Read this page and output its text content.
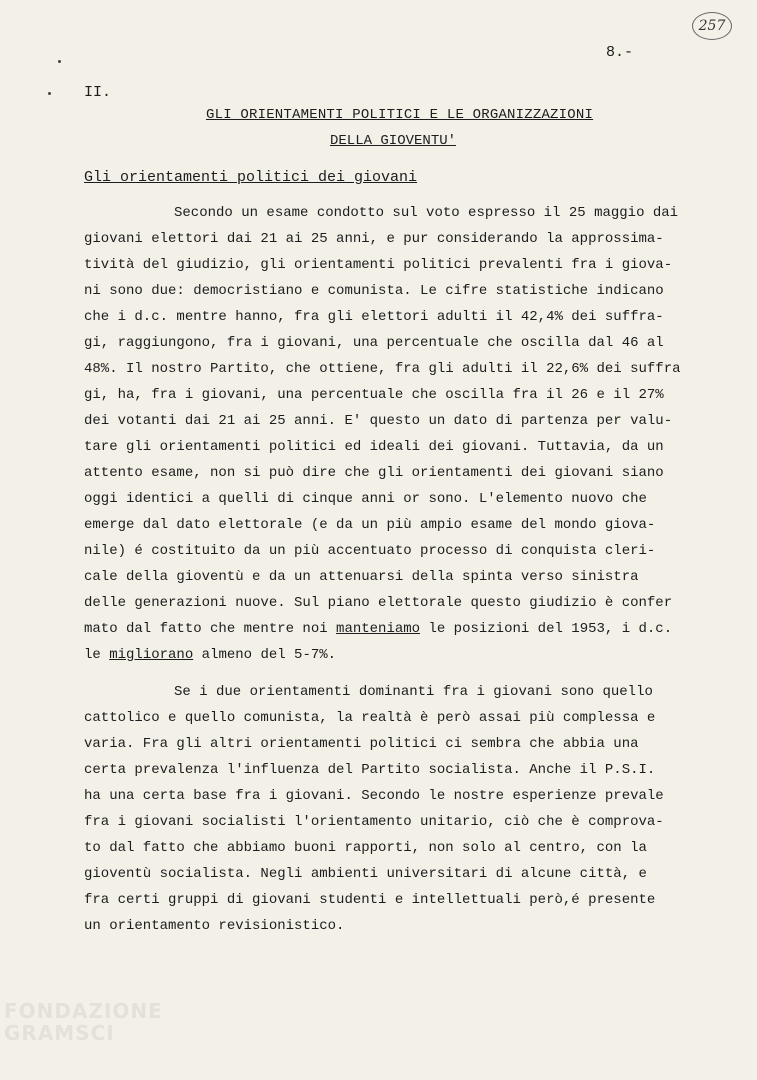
257
8.-
II.
GLI ORIENTAMENTI POLITICI E LE ORGANIZZAZIONI
DELLA GIOVENTU'
Gli orientamenti politici dei giovani
Secondo un esame condotto sul voto espresso il 25 maggio dai
giovani elettori dai 21 ai 25 anni, e pur considerando la approssima-
tività del giudizio, gli orientamenti politici prevalenti fra i giova-
ni sono due: democristiano e comunista. Le cifre statistiche indicano
che i d.c. mentre hanno, fra gli elettori adulti il 42,4% dei suffra-
gi, raggiungono, fra i giovani, una percentuale che oscilla dal 46 al
48%. Il nostro Partito, che ottiene, fra gli adulti il 22,6% dei suffra
gi, ha, fra i giovani, una percentuale che oscilla fra il 26 e il 27%
dei votanti dai 21 ai 25 anni. E' questo un dato di partenza per valu-
tare gli orientamenti politici ed ideali dei giovani. Tuttavia, da un
attento esame, non si può dire che gli orientamenti dei giovani siano
oggi identici a quelli di cinque anni or sono. L'elemento nuovo che
emerge dal dato elettorale (e da un più ampio esame del mondo giova-
nile) é costituito da un più accentuato processo di conquista cleri-
cale della gioventù e da un attenuarsi della spinta verso sinistra
delle generazioni nuove. Sul piano elettorale questo giudizio è confer
mato dal fatto che mentre noi manteniamo le posizioni del 1953, i d.c.
le migliorano almeno del 5-7%.
Se i due orientamenti dominanti fra i giovani sono quello
cattolico e quello comunista, la realtà è però assai più complessa e
varia. Fra gli altri orientamenti politici ci sembra che abbia una
certa prevalenza l'influenza del Partito socialista. Anche il P.S.I.
ha una certa base fra i giovani. Secondo le nostre esperienze prevale
fra i giovani socialisti l'orientamento unitario, ciò che è comprova-
to dal fatto che abbiamo buoni rapporti, non solo al centro, con la
gioventù socialista. Negli ambienti universitari di alcune città, e
fra certi gruppi di giovani studenti e intellettuali però,é presente
un orientamento revisionistico.
FONDAZIONE
GRAMSCI
